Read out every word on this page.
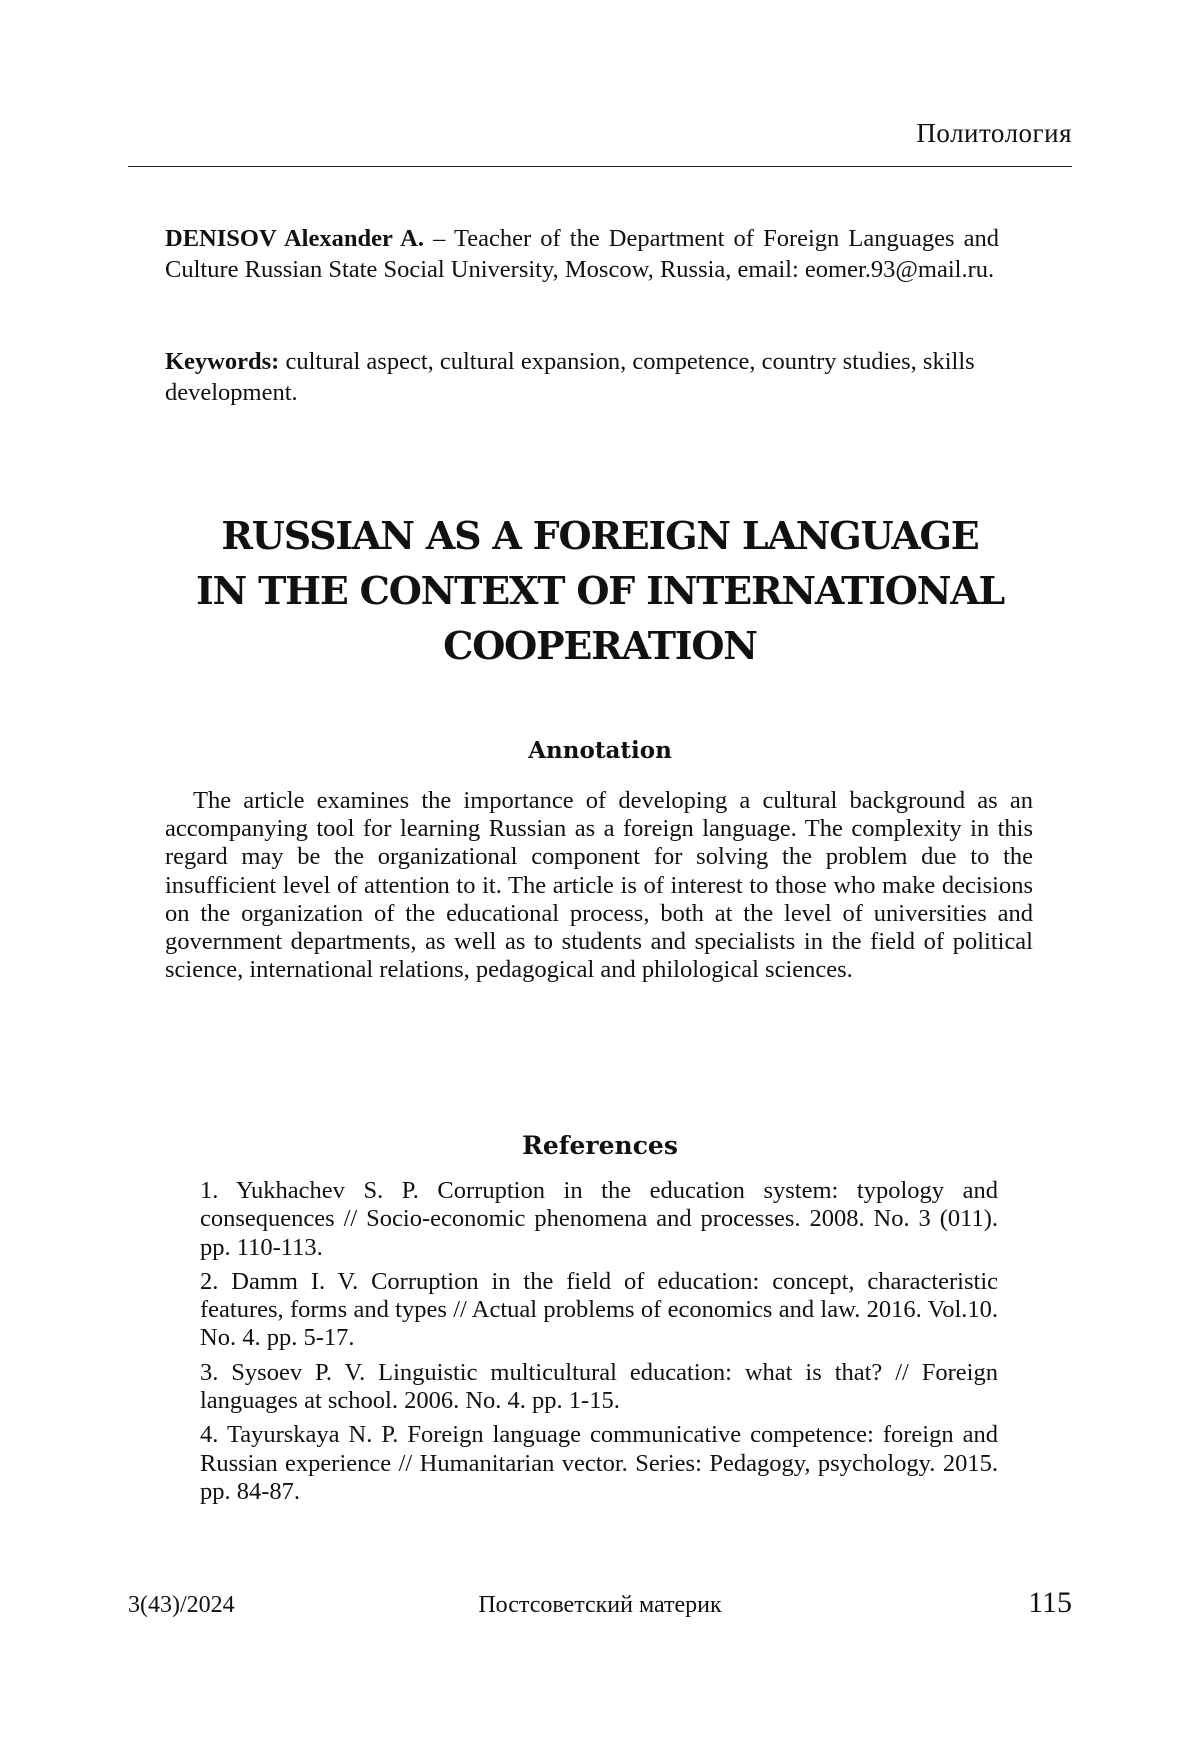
Политология
DENISOV Alexander A. – Teacher of the Department of Foreign Languages and Culture Russian State Social University, Moscow, Russia, email: eomer.93@mail.ru.
Keywords: cultural aspect, cultural expansion, competence, country studies, skills development.
RUSSIAN AS A FOREIGN LANGUAGE
IN THE CONTEXT OF INTERNATIONAL
COOPERATION
Annotation
The article examines the importance of developing a cultural background as an accompanying tool for learning Russian as a foreign language. The complexity in this regard may be the organizational component for solving the problem due to the insufficient level of attention to it. The article is of interest to those who make decisions on the organization of the educational process, both at the level of universities and government departments, as well as to students and specialists in the field of political science, international relations, pedagogical and philological sciences.
References
1. Yukhachev S. P. Corruption in the education system: typology and consequences // Socio-economic phenomena and processes. 2008. No. 3 (011). pp. 110-113.
2. Damm I. V. Corruption in the field of education: concept, characteristic features, forms and types // Actual problems of economics and law. 2016. Vol.10. No. 4. pp. 5-17.
3. Sysoev P. V. Linguistic multicultural education: what is that? // Foreign languages at school. 2006. No. 4. pp. 1-15.
4. Tayurskaya N. P. Foreign language communicative competence: foreign and Russian experience // Humanitarian vector. Series: Pedagogy, psychology. 2015. pp. 84-87.
3(43)/2024	Постсоветский материк	115
